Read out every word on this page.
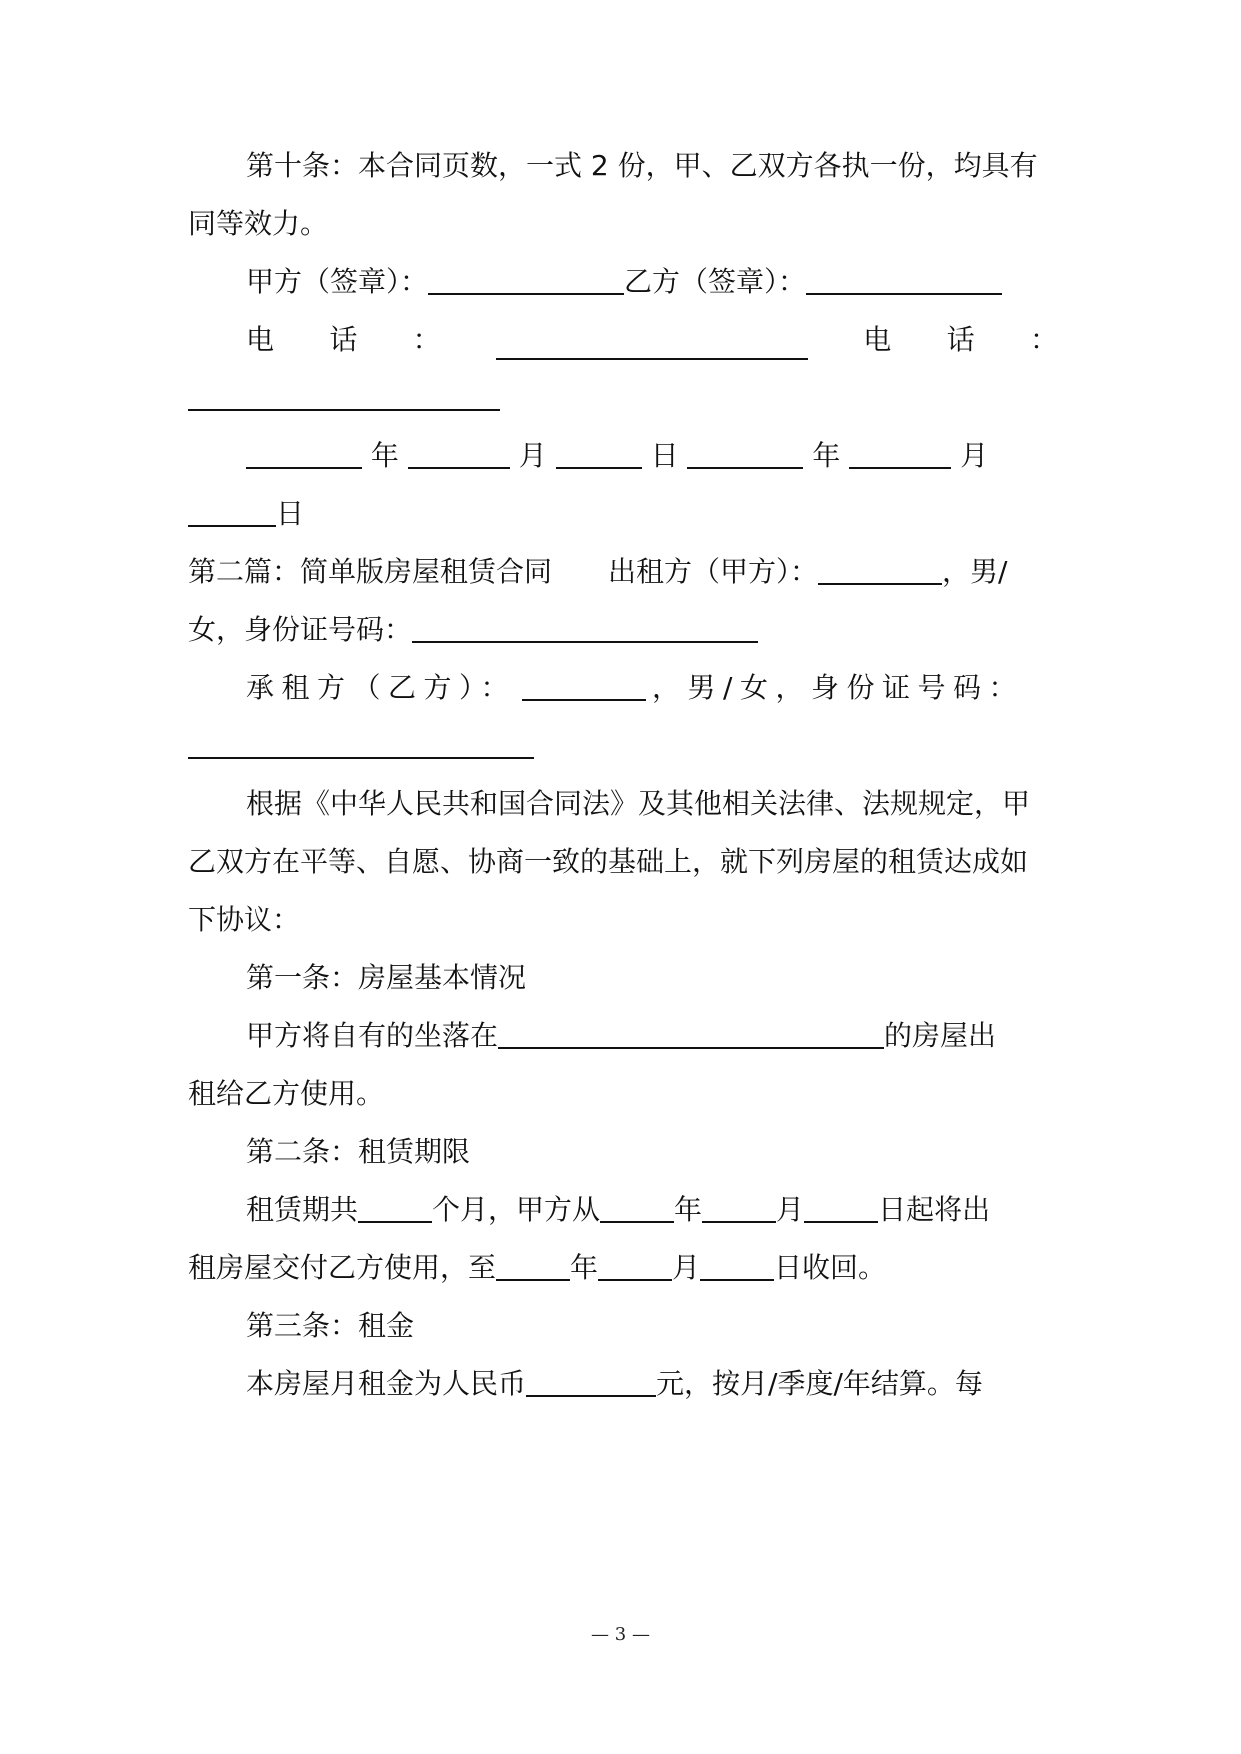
第十条：本合同页数，一式 2 份，甲、乙双方各执一份，均具有
同等效力。
甲方（签章）：	乙方（签章）：
电 话 ：	电 话 ：
年	月	日	年	月
日
第二篇：简单版房屋租赁合同 出租方（甲方）：	，男/
女，身份证号码：
承租方（乙方）：	，男/女，身份证号码：
根据《中华人民共和国合同法》及其他相关法律、法规规定，甲
乙双方在平等、自愿、协商一致的基础上，就下列房屋的租赁达成如
下协议：
第一条：房屋基本情况
甲方将自有的坐落在	的房屋出
租给乙方使用。
第二条：租赁期限
租赁期共	个月，甲方从	年	月	日起将出
租房屋交付乙方使用，至	年	月	日收回。
第三条：租金
本房屋月租金为人民币	元，按月/季度/年结算。每
— 3 —
